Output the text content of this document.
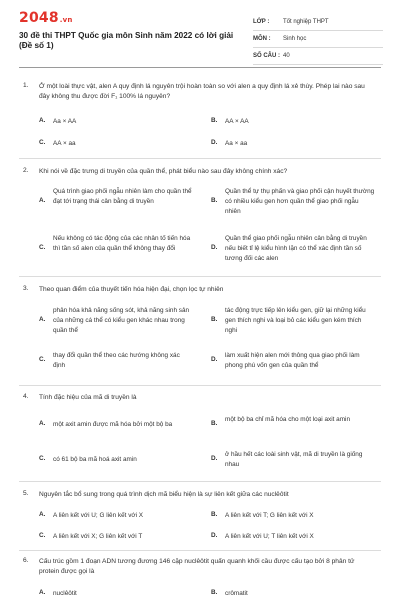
2048.vn
30 đề thi THPT Quốc gia môn Sinh năm 2022 có lời giải
(Đề số 1)
LỚP :	Tốt nghiệp THPT
MÔN :	Sinh học
SỐ CÂU : 40
1. Ở một loài thực vật, alen A quy định lá nguyên trội hoàn toàn so với alen a quy định lá xẻ thùy. Phép lai nào sau đây không thu được đời F₁ 100% lá nguyên?
A.	Aa × AA	B.	AA × AA
C.	AA × aa	D.	Aa × aa
2. Khi nói về đặc trưng di truyền của quần thể, phát biểu nào sau đây không chính xác?
A.
Quá trình giao phối ngẫu nhiên làm cho quần thể đạt tới trạng thái cân bằng di truyền	B.
Quần thể tự thụ phấn và giao phối cận huyết thường có nhiều kiểu gen hơn quần thể giao phối ngẫu nhiên
C.
Nếu không có tác động của các nhân tố tiến hóa thì tần số alen của quần thể không thay đổi	D.
Quần thể giao phối ngẫu nhiên cân bằng di truyền nếu biết tỉ lệ kiểu hình lặn có thể xác định tần số tương đối các alen
3. Theo quan điểm của thuyết tiến hóa hiện đại, chọn lọc tự nhiên
A.
phân hóa khả năng sống sót, khả năng sinh sản của những cá thể có kiểu gen khác nhau trong quần thể
B.
tác động trực tiếp lên kiểu gen, giữ lại những kiểu gen thích nghi và loại bỏ các kiểu gen kém thích nghi
C.
thay đổi quần thể theo các hướng không xác định
D.
làm xuất hiện alen mới thông qua giao phối làm phong phú vốn gen của quần thể
4. Tính đặc hiệu của mã di truyền là
A.	một axit amin được mã hóa bởi một bộ ba	B.
một bộ ba chỉ mã hóa cho một loại axit amin
C.	có 61 bộ ba mã hoá axit amin	D.
ở hầu hết các loài sinh vật, mã di truyền là giống nhau
5. Nguyên tắc bổ sung trong quá trình dịch mã biểu hiện là sự liên kết giữa các nuclêôtit
A.	A liên kết với U; G liên kết với X	B.	A liên kết với T; G liên kết với X
C.	A liên kết với X; G liên kết với T	D.	A liên kết với U; T liên kết với X
6. Cấu trúc gồm 1 đoạn ADN tương đương 146 cặp nuclêôtit quấn quanh khối cầu được cấu tạo bởi 8 phân tử protein được gọi là
A.	nuclêôtit	B.	crômatit
